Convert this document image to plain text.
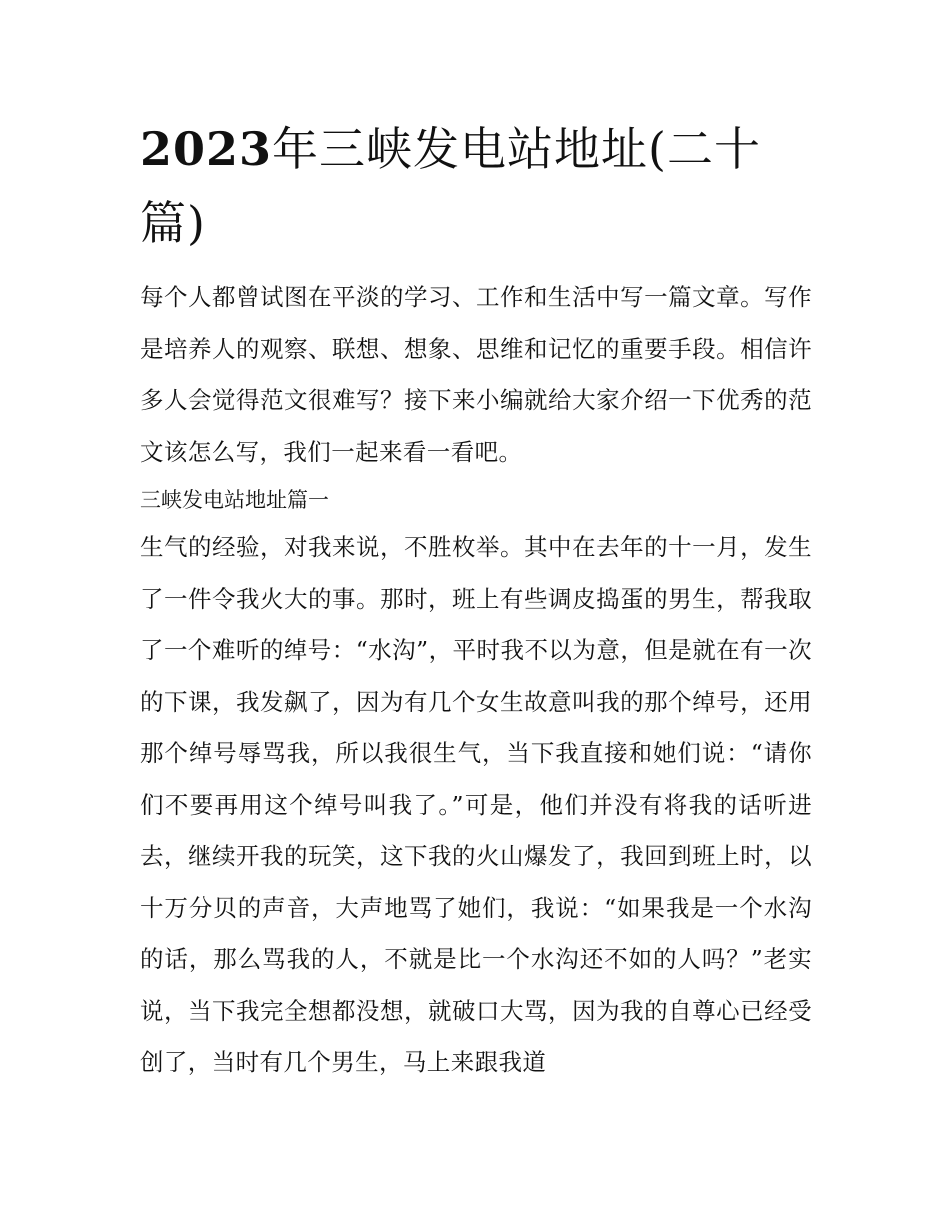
2023年三峡发电站地址(二十篇)

每个人都曾试图在平淡的学习、工作和生活中写一篇文章。写作是培养人的观察、联想、想象、思维和记忆的重要手段。相信许多人会觉得范文很难写？接下来小编就给大家介绍一下优秀的范文该怎么写，我们一起来看一看吧。

三峡发电站地址篇一

生气的经验，对我来说，不胜枚举。其中在去年的十一月，发生了一件令我火大的事。那时，班上有些调皮捣蛋的男生，帮我取了一个难听的绰号：“水沟”，平时我不以为意，但是就在有一次的下课，我发飙了，因为有几个女生故意叫我的那个绰号，还用那个绰号辱骂我，所以我很生气，当下我直接和她们说：“请你们不要再用这个绰号叫我了。”可是，他们并没有将我的话听进去，继续开我的玩笑，这下我的火山爆发了，我回到班上时，以十万分贝的声音，大声地骂了她们，我说：“如果我是一个水沟的话，那么骂我的人，不就是比一个水沟还不如的人吗？”老实说，当下我完全想都没想，就破口大骂，因为我的自尊心已经受创了，当时有几个男生，马上来跟我道
